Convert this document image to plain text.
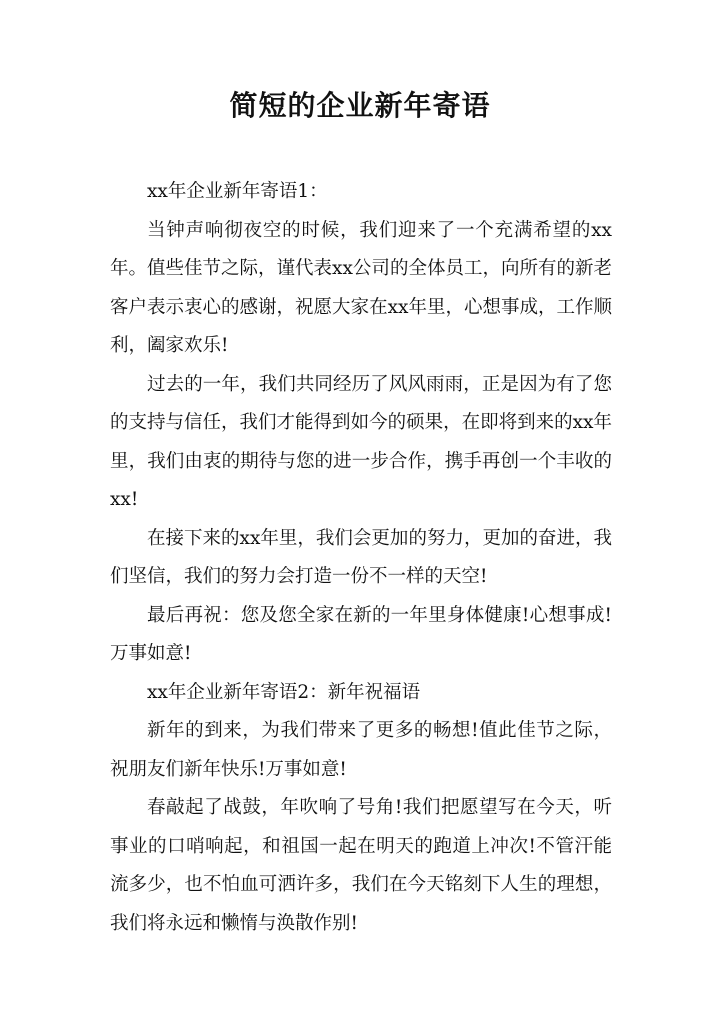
简短的企业新年寄语

xx年企业新年寄语1：

当钟声响彻夜空的时候，我们迎来了一个充满希望的xx年。值些佳节之际，谨代表xx公司的全体员工，向所有的新老客户表示衷心的感谢，祝愿大家在xx年里，心想事成，工作顺利，阖家欢乐!

过去的一年，我们共同经历了风风雨雨，正是因为有了您的支持与信任，我们才能得到如今的硕果，在即将到来的xx年里，我们由衷的期待与您的进一步合作，携手再创一个丰收的xx!

在接下来的xx年里，我们会更加的努力，更加的奋进，我们坚信，我们的努力会打造一份不一样的天空!

最后再祝：您及您全家在新的一年里身体健康!心想事成!万事如意!

xx年企业新年寄语2：新年祝福语

新年的到来，为我们带来了更多的畅想!值此佳节之际，祝朋友们新年快乐!万事如意!

春敲起了战鼓，年吹响了号角!我们把愿望写在今天，听事业的口哨响起，和祖国一起在明天的跑道上冲次!不管汗能流多少，也不怕血可洒许多，我们在今天铭刻下人生的理想，我们将永远和懒惰与涣散作别!
